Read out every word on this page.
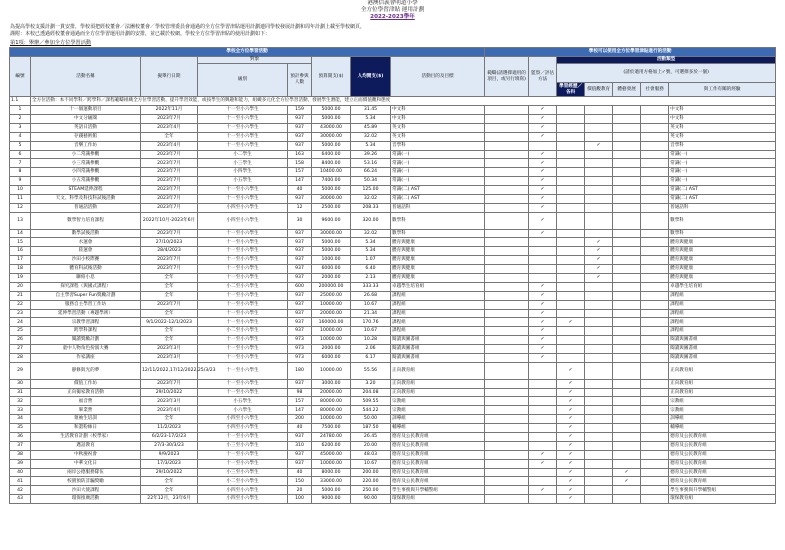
港澳信義會明道小學
全方位學習津貼 運用計劃
2022-2023學年
為提高學校支援計劃一貫安排，學校須把經校董會／法團校董會／學校管理委員會通過的全方位學習津貼運用計劃連同學校發展計劃和周年計劃上載至學校網頁，
謹附：本校已透過經校董會通過而全方位學習運用計劃的安排，並已載於校網。學校全方位學習津貼的使用計劃如下：
第1項：舉辦／參加全方位學習活動
學校全方位學習活動								學校可以使用全方位學習津貼進行的活動							
編號	活動名稱	擬舉行日期	對象		預算開支($)	人均開支($)	活動目的及目標	範疇(請選擇適用的項目，或另行填寫)	監察／評估方法	活動類型	
			級別	預計參與人數						(請於適用方格加上✓號，可選擇多於一個)					
										學習經歷／各科	價值觀教育	體藝發展	社會服務	與工作有關的經驗	
1.1	全方位活動：本不同學科／跨學科／課程範疇組織全方位學習活動，提升學習效能，或按學生的興趣和能力，組織多元化全方位學習活動，發展學生潛能，建立正面價值觀和態度														
1	十一個運動項目	2022年11月	十一至小六學生	159	5000.00	31.45	中文科		✓					中文科	
2	中文分級閱	2023年7月	十一至小六學生	937	5000.00	5.34	中文科		✓					中文科	
3	英語日活動	2023年4月	十一至小六學生	937	43000.00	45.89	英文科		✓					英文科	
4	存錢藝術館	全年	十一至小六學生	937	30000.00	32.02	英文科		✓					英文科	
5	音樂工作坊	2023年4月	十一至小六學生	937	5000.00	5.34	音學科				✓			音學科	
6	小二常識參觀	2023年7月	小二學生	163	6400.00	39.26	常識(一)		✓					常識(一)	
7	小三常識參觀	2023年7月	小三學生	158	8400.00	53.16	常識(一)		✓					常識(一)	
8	小四常識參觀	2023年7月	小四學生	157	10400.00	66.24	常識(一)		✓					常識(一)	
9	小五常識參觀	2023年7月	小五學生	147	7400.00	50.34	常識(一)		✓					常識(一)	
10	STEAM延伸課程	2023年7月	十一至小六學生	40	5000.00	125.00	常識(二) AST		✓					常識(二) AST	
11	天文、科學及科技科試後活動	2023年7月	十一至小六學生	937	30000.00	32.02	常識(二) AST		✓					常識(二) AST	
12	普通話活動	2023年7月	小四至小六學生	12	2500.00	208.33	普通話科		✓					普通話科	
13	數學智力培育課程	2022年10月-2023年6月	小四至小六學生	30	9600.00	320.00	數學科		✓					數學科	
14	數學試後活動	2023年7月	十一至小六學生	937	30000.00	32.02	數學科		✓					數學科	
15	水運會	27/10/2023	十一至小六學生	937	5000.00	5.34	體育與健康				✓			體育與健康	
16	陸運會	28/4/2023	十一至小六學生	937	5000.00	5.34	體育與健康				✓			體育與健康	
17	沙田小校際賽	2023年7月	十一至小六學生	937	1000.00	1.07	體育與健康				✓			體育與健康	
18	體育科試後活動	2023年7月	十一至小六學生	937	6000.00	6.40	體育與健康				✓			體育與健康	
19	聯絡小息	全年	十一至小六學生	937	2000.00	2.13	體育與健康				✓			體育與健康	
20	探究課程（與國式課程）	全年	小二至小六學生	600	200000.00	333.33	卓越學生培育組		✓					卓越學生培育組	
21	自主學習Super Fun獎勵計劃	全年	十一至小六學生	937	25000.00	26.68	課程組		✓					課程組	
22	服務自主學習工作坊	2023年7月	十一至小六學生	937	10000.00	10.67	課程組		✓					課程組	
23	延伸學習活動（專題學術）	全年	十一至小六學生	937	20000.00	21.34	課程組		✓					課程組	
24	宗教學習課程	9/1/2022-12/1/2023	十一至小六學生	937	160000.00	170.76	課程組		✓	✓				課程組	
25	跨學科課程	全年	小二至小六學生	937	10000.00	10.67	課程組		✓					課程組	
26	閱讀獎勵計劃	全年	十一至小六學生	973	10000.00	10.28	閱讀與圖書組		✓					閱讀與圖書組	
27	童中人物角色扮演大賽	2023年3月	十一至小六學生	973	2000.00	2.06	閱讀與圖書組		✓					閱讀與圖書組	
28	作家講座	2023年3月	十一至小六學生	973	6000.00	6.17	閱讀與圖書組		✓					閱讀與圖書組	
29	靜修與光的夢	12/11/2022,17/12/2022,25/3/23	十一至小六學生	180	10000.00	55.56	正向教育組			✓				正向教育組	
30	價值工作坊	2023年7月	十一至小六學生	937	3000.00	3.20	正向教育組			✓				正向教育組	
31	正向獨家教育活動	29/10/2022	十一至小六學生	98	20000.00	204.08	正向教育組			✓				正向教育組	
32	福音營	2023年3月	小五學生	157	80000.00	509.55	宗教組			✓				宗教組	
33	畢業營	2023年4月	小六學生	147	80000.00	544.22	宗教組			✓				宗教組	
34	領袖生培訓	全年	小四至小六學生	200	10000.00	50.00	訓導組			✓				訓導組	
35	和諧粉絲日	11/2/2023	小四至小六學生	40	7500.00	187.50	輔導組			✓				輔導組	
36	生活教育計劃（校學家）	6/2/23-17/2/23	十一至小六學生	937	24780.00	26.45	德育及公民教育組			✓				德育及公民教育組	
37	邁話教育	27/3-30/3/23	小三至小六學生	310	6200.00	20.00	德育及公民教育組			✓				德育及公民教育組	
38	中秋慶祝會	9/9/2023	十一至小六學生	937	45000.00	48.03	德育及公民教育組		✓	✓				德育及公民教育組	
39	中華文化日	17/3/2023	十一至小六學生	937	10000.00	10.67	德育及公民教育組		✓	✓				德育及公民教育組	
40	兩岸公德服務隊伍	29/10/2022	小三至小六學生	40	8000.00	200.00	德育及公民教育組			✓		✓		德育及公民教育組	
41	校園預防詐騙獎勵	全年	小二至小六學生	150	33000.00	220.00	德育及公民教育組			✓		✓		德育及公民教育組	
42	沙田大使課程	全年	小四至小六學生	20	5000.00	250.00	學生事務與升學輔警組		✓	✓				學生事務與升學輔警組	
43	環保推廣活動	22年12月，23年6月	小四至小六學生	100	9000.00	90.00	環保教育組			✓				環保教育組	
